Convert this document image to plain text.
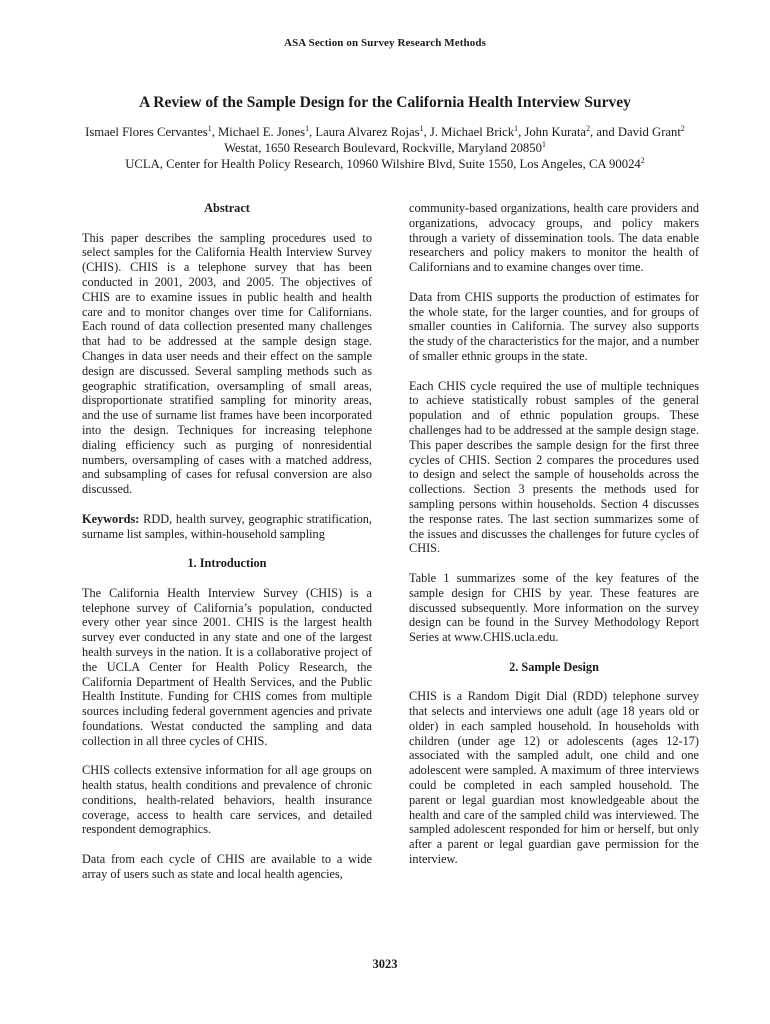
ASA Section on Survey Research Methods
A Review of the Sample Design for the California Health Interview Survey
Ismael Flores Cervantes$^1$, Michael E. Jones$^1$, Laura Alvarez Rojas$^1$, J. Michael Brick$^1$, John Kurata$^2$, and David Grant$^2$
Westat, 1650 Research Boulevard, Rockville, Maryland 20850$^1$
UCLA, Center for Health Policy Research, 10960 Wilshire Blvd, Suite 1550, Los Angeles, CA 90024$^2$
Abstract

This paper describes the sampling procedures used to select samples for the California Health Interview Survey (CHIS). CHIS is a telephone survey that has been conducted in 2001, 2003, and 2005. The objectives of CHIS are to examine issues in public health and health care and to monitor changes over time for Californians. Each round of data collection presented many challenges that had to be addressed at the sample design stage. Changes in data user needs and their effect on the sample design are discussed. Several sampling methods such as geographic stratification, oversampling of small areas, disproportionate stratified sampling for minority areas, and the use of surname list frames have been incorporated into the design. Techniques for increasing telephone dialing efficiency such as purging of nonresidential numbers, oversampling of cases with a matched address, and subsampling of cases for refusal conversion are also discussed.

Keywords: RDD, health survey, geographic stratification, surname list samples, within-household sampling

1. Introduction

The California Health Interview Survey (CHIS) is a telephone survey of California’s population, conducted every other year since 2001. CHIS is the largest health survey ever conducted in any state and one of the largest health surveys in the nation. It is a collaborative project of the UCLA Center for Health Policy Research, the California Department of Health Services, and the Public Health Institute. Funding for CHIS comes from multiple sources including federal government agencies and private foundations. Westat conducted the sampling and data collection in all three cycles of CHIS.

CHIS collects extensive information for all age groups on health status, health conditions and prevalence of chronic conditions, health-related behaviors, health insurance coverage, access to health care services, and detailed respondent demographics.

Data from each cycle of CHIS are available to a wide array of users such as state and local health agencies,

community-based organizations, health care providers and organizations, advocacy groups, and policy makers through a variety of dissemination tools. The data enable researchers and policy makers to monitor the health of Californians and to examine changes over time.

Data from CHIS supports the production of estimates for the whole state, for the larger counties, and for groups of smaller counties in California. The survey also supports the study of the characteristics for the major, and a number of smaller ethnic groups in the state.

Each CHIS cycle required the use of multiple techniques to achieve statistically robust samples of the general population and of ethnic population groups. These challenges had to be addressed at the sample design stage. This paper describes the sample design for the first three cycles of CHIS. Section 2 compares the procedures used to design and select the sample of households across the collections. Section 3 presents the methods used for sampling persons within households. Section 4 discusses the response rates. The last section summarizes some of the issues and discusses the challenges for future cycles of CHIS.

Table 1 summarizes some of the key features of the sample design for CHIS by year. These features are discussed subsequently. More information on the survey design can be found in the Survey Methodology Report Series at www.CHIS.ucla.edu.

2. Sample Design

CHIS is a Random Digit Dial (RDD) telephone survey that selects and interviews one adult (age 18 years old or older) in each sampled household. In households with children (under age 12) or adolescents (ages 12-17) associated with the sampled adult, one child and one adolescent were sampled. A maximum of three interviews could be completed in each sampled household. The parent or legal guardian most knowledgeable about the health and care of the sampled child was interviewed. The sampled adolescent responded for him or herself, but only after a parent or legal guardian gave permission for the interview.

3023
